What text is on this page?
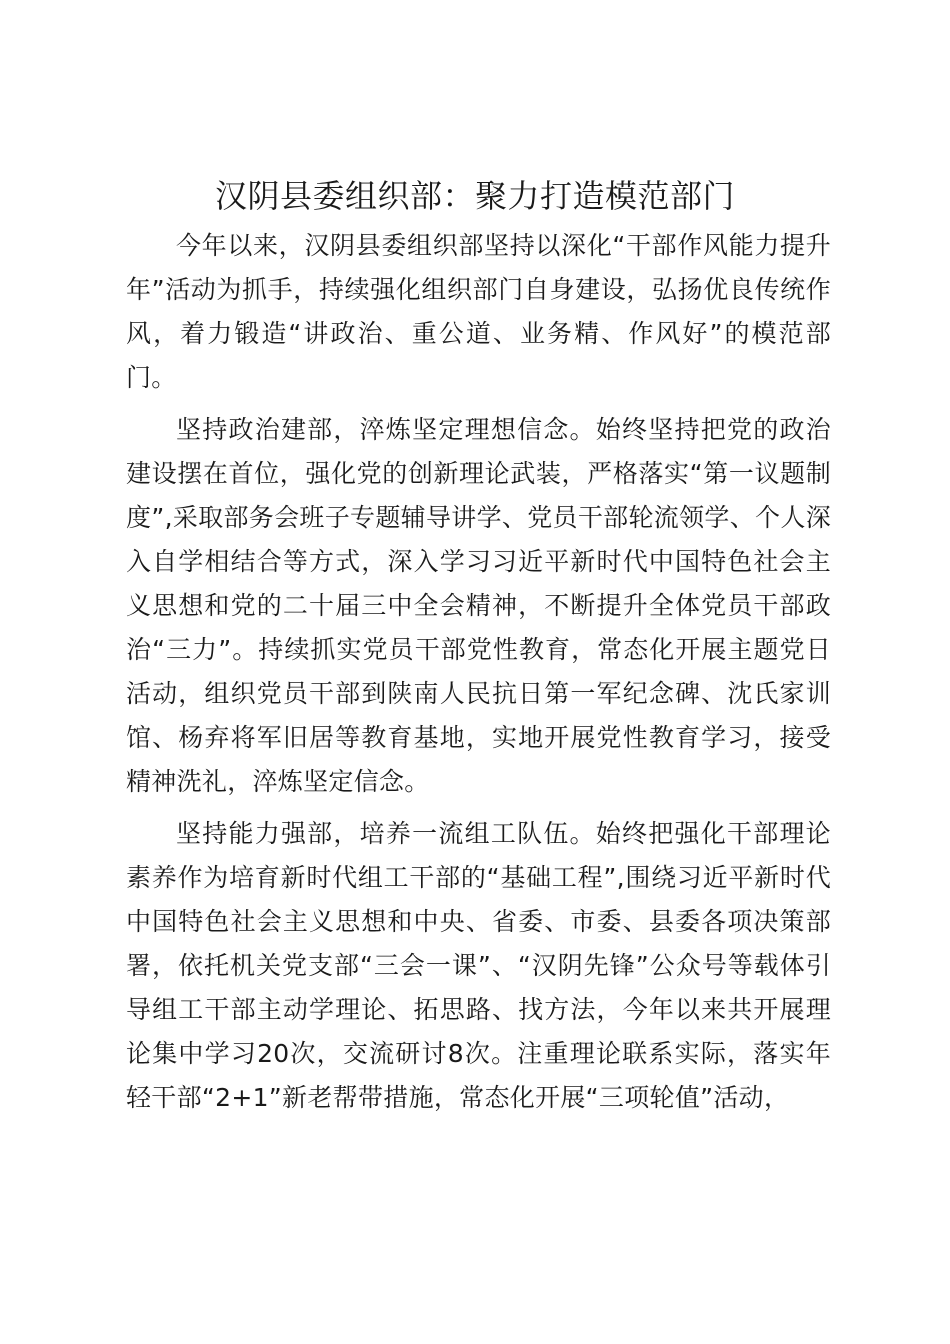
汉阴县委组织部：聚力打造模范部门

今年以来，汉阴县委组织部坚持以深化“干部作风能力提升年”活动为抓手，持续强化组织部门自身建设，弘扬优良传统作风，着力锻造“讲政治、重公道、业务精、作风好”的模范部门。

坚持政治建部，淬炼坚定理想信念。始终坚持把党的政治建设摆在首位，强化党的创新理论武装，严格落实“第一议题制度”,采取部务会班子专题辅导讲学、党员干部轮流领学、个人深入自学相结合等方式，深入学习习近平新时代中国特色社会主义思想和党的二十届三中全会精神，不断提升全体党员干部政治“三力”。持续抓实党员干部党性教育，常态化开展主题党日活动，组织党员干部到陕南人民抗日第一军纪念碑、沈氏家训馆、杨弃将军旧居等教育基地，实地开展党性教育学习，接受精神洗礼，淬炼坚定信念。

坚持能力强部，培养一流组工队伍。始终把强化干部理论素养作为培育新时代组工干部的“基础工程”,围绕习近平新时代中国特色社会主义思想和中央、省委、市委、县委各项决策部署，依托机关党支部“三会一课”、“汉阴先锋”公众号等载体引导组工干部主动学理论、拓思路、找方法，今年以来共开展理论集中学习20次，交流研讨8次。注重理论联系实际，落实年轻干部“2+1”新老帮带措施，常态化开展“三项轮值”活动，
